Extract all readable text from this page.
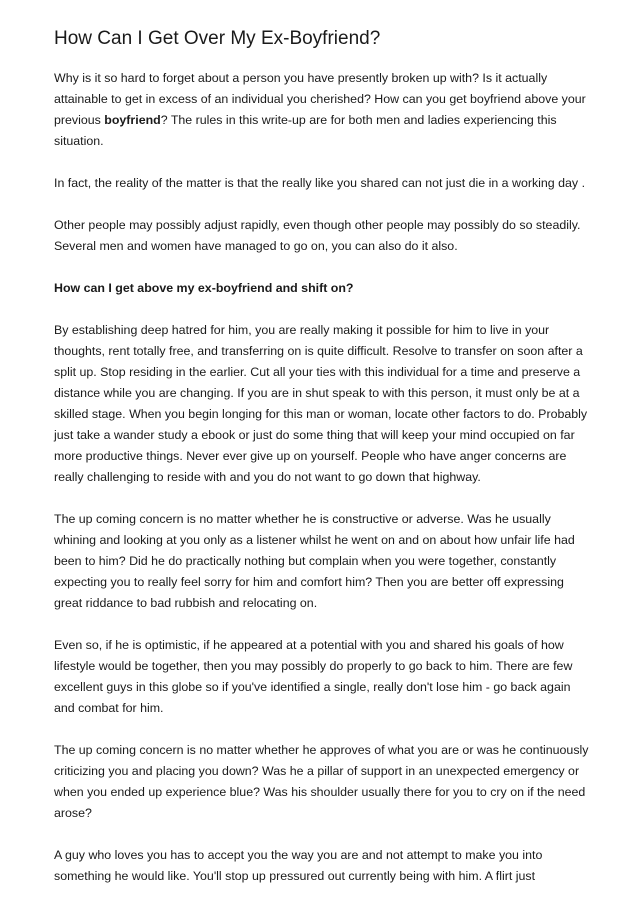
How Can I Get Over My Ex-Boyfriend?

Why is it so hard to forget about a person you have presently broken up with? Is it actually attainable to get in excess of an individual you cherished? How can you get boyfriend above your previous boyfriend? The rules in this write-up are for both men and ladies experiencing this situation.

In fact, the reality of the matter is that the really like you shared can not just die in a working day .

Other people may possibly adjust rapidly, even though other people may possibly do so steadily. Several men and women have managed to go on, you can also do it also.

How can I get above my ex-boyfriend and shift on?

By establishing deep hatred for him, you are really making it possible for him to live in your thoughts, rent totally free, and transferring on is quite difficult. Resolve to transfer on soon after a split up. Stop residing in the earlier. Cut all your ties with this individual for a time and preserve a distance while you are changing. If you are in shut speak to with this person, it must only be at a skilled stage. When you begin longing for this man or woman, locate other factors to do. Probably just take a wander study a ebook or just do some thing that will keep your mind occupied on far more productive things. Never ever give up on yourself. People who have anger concerns are really challenging to reside with and you do not want to go down that highway.

The up coming concern is no matter whether he is constructive or adverse. Was he usually whining and looking at you only as a listener whilst he went on and on about how unfair life had been to him? Did he do practically nothing but complain when you were together, constantly expecting you to really feel sorry for him and comfort him? Then you are better off expressing great riddance to bad rubbish and relocating on.

Even so, if he is optimistic, if he appeared at a potential with you and shared his goals of how lifestyle would be together, then you may possibly do properly to go back to him. There are few excellent guys in this globe so if you've identified a single, really don't lose him - go back again and combat for him.

The up coming concern is no matter whether he approves of what you are or was he continuously criticizing you and placing you down? Was he a pillar of support in an unexpected emergency or when you ended up experience blue? Was his shoulder usually there for you to cry on if the need arose?

A guy who loves you has to accept you the way you are and not attempt to make you into something he would like. You'll stop up pressured out currently being with him. A flirt just
